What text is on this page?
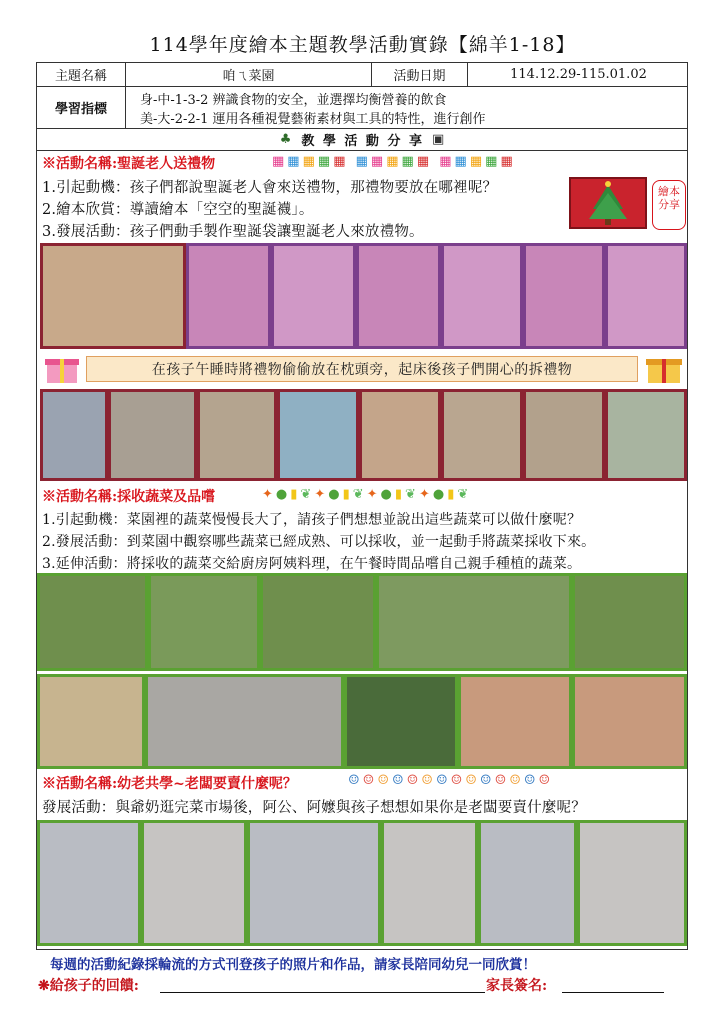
114學年度繪本主題教學活動實錄【綿羊1-18】
主題名稱	咱ㄟ菜園	活動日期	114.12.29-115.01.02
學習指標
身-中-1-3-2 辨識食物的安全，並選擇均衡營養的飲食
美-大-2-2-1 運用各種視覺藝術素材與工具的特性，進行創作
♣ 教 學 活 動 分 享 ▣
※活動名稱:聖誕老人送禮物	▦▦▦▦▦ ▦▦▦▦▦ ▦▦▦▦▦
1.引起動機：孩子們都說聖誕老人會來送禮物，那禮物要放在哪裡呢？
2.繪本欣賞：導讀繪本「空空的聖誕襪」。
3.發展活動：孩子們動手製作聖誕袋讓聖誕老人來放禮物。
繪本分享
在孩子午睡時將禮物偷偷放在枕頭旁，起床後孩子們開心的拆禮物
※活動名稱:採收蔬菜及品嚐	✦●▮❦✦●▮❦✦●▮❦✦●▮❦
1.引起動機：菜園裡的蔬菜慢慢長大了，請孩子們想想並說出這些蔬菜可以做什麼呢？
2.發展活動：到菜園中觀察哪些蔬菜已經成熟、可以採收，並一起動手將蔬菜採收下來。
3.延伸活動：將採收的蔬菜交給廚房阿姨料理，在午餐時間品嚐自己親手種植的蔬菜。
※活動名稱:幼老共學~老闆要賣什麼呢？	☺☺☺☺☺☺☺☺☺☺☺☺☺☺
發展活動：與爺奶逛完菜市場後，阿公、阿嬤與孩子想想如果你是老闆要賣什麼呢？
每週的活動紀錄採輪流的方式刊登孩子的照片和作品，請家長陪同幼兒一同欣賞！
❋給孩子的回饋:	家長簽名:
